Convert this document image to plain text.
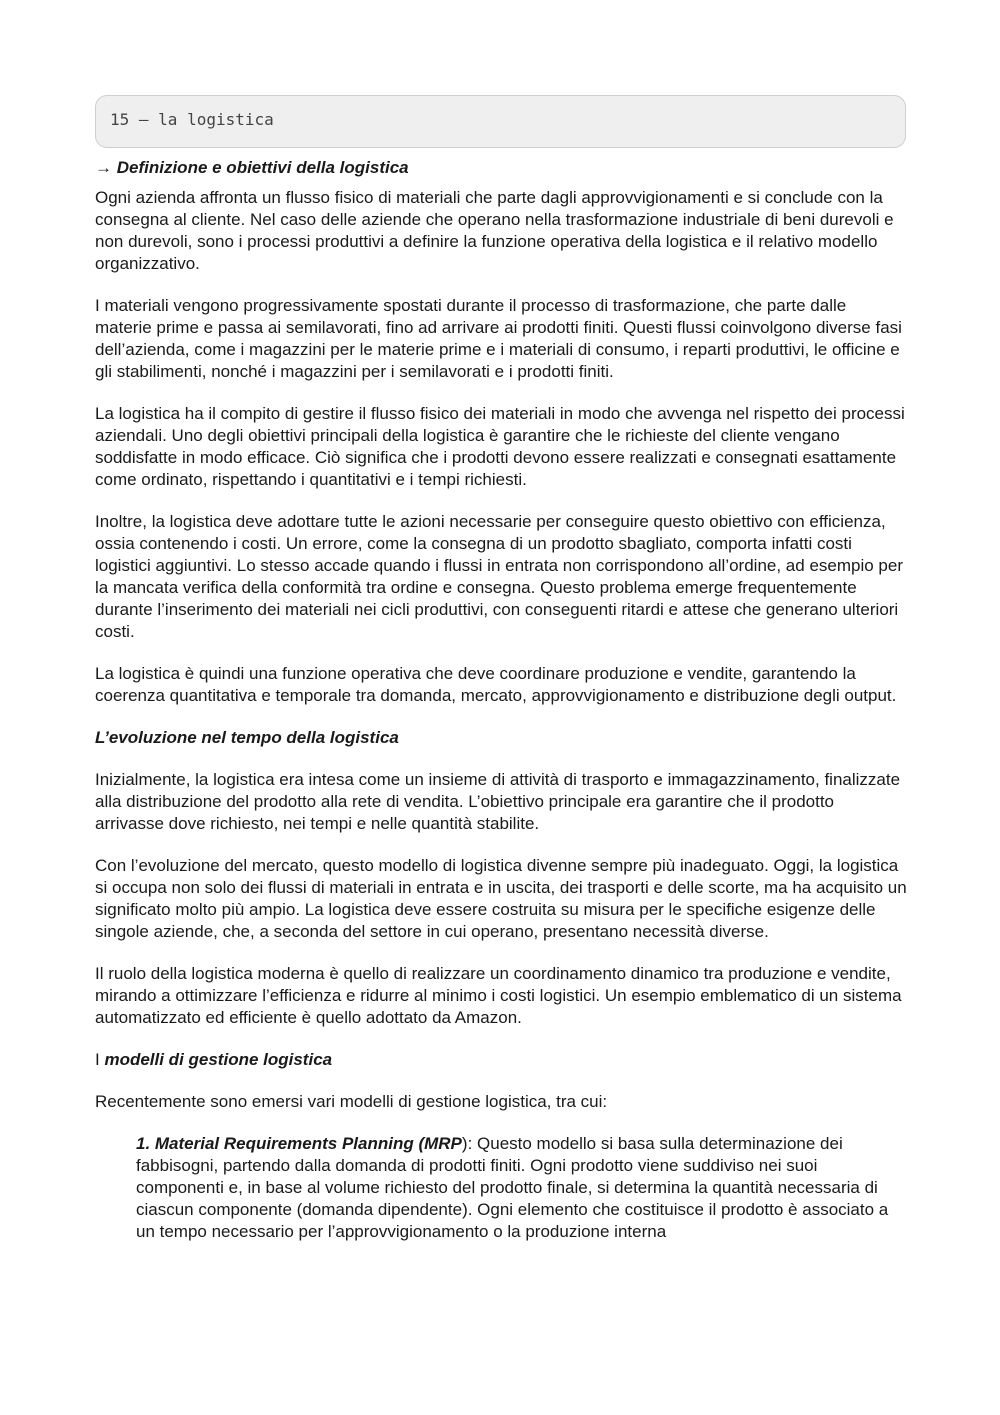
15 – la logistica
→ Definizione e obiettivi della logistica

Ogni azienda affronta un flusso fisico di materiali che parte dagli approvvigionamenti e si conclude con la consegna al cliente. Nel caso delle aziende che operano nella trasformazione industriale di beni durevoli e non durevoli, sono i processi produttivi a definire la funzione operativa della logistica e il relativo modello organizzativo.

I materiali vengono progressivamente spostati durante il processo di trasformazione, che parte dalle materie prime e passa ai semilavorati, fino ad arrivare ai prodotti finiti. Questi flussi coinvolgono diverse fasi dell’azienda, come i magazzini per le materie prime e i materiali di consumo, i reparti produttivi, le officine e gli stabilimenti, nonché i magazzini per i semilavorati e i prodotti finiti.

La logistica ha il compito di gestire il flusso fisico dei materiali in modo che avvenga nel rispetto dei processi aziendali. Uno degli obiettivi principali della logistica è garantire che le richieste del cliente vengano soddisfatte in modo efficace. Ciò significa che i prodotti devono essere realizzati e consegnati esattamente come ordinato, rispettando i quantitativi e i tempi richiesti.

Inoltre, la logistica deve adottare tutte le azioni necessarie per conseguire questo obiettivo con efficienza, ossia contenendo i costi. Un errore, come la consegna di un prodotto sbagliato, comporta infatti costi logistici aggiuntivi. Lo stesso accade quando i flussi in entrata non corrispondono all’ordine, ad esempio per la mancata verifica della conformità tra ordine e consegna. Questo problema emerge frequentemente durante l’inserimento dei materiali nei cicli produttivi, con conseguenti ritardi e attese che generano ulteriori costi.

La logistica è quindi una funzione operativa che deve coordinare produzione e vendite, garantendo la coerenza quantitativa e temporale tra domanda, mercato, approvvigionamento e distribuzione degli output.

L’evoluzione nel tempo della logistica

Inizialmente, la logistica era intesa come un insieme di attività di trasporto e immagazzinamento, finalizzate alla distribuzione del prodotto alla rete di vendita. L’obiettivo principale era garantire che il prodotto arrivasse dove richiesto, nei tempi e nelle quantità stabilite.

Con l’evoluzione del mercato, questo modello di logistica divenne sempre più inadeguato. Oggi, la logistica si occupa non solo dei flussi di materiali in entrata e in uscita, dei trasporti e delle scorte, ma ha acquisito un significato molto più ampio. La logistica deve essere costruita su misura per le specifiche esigenze delle singole aziende, che, a seconda del settore in cui operano, presentano necessità diverse.

Il ruolo della logistica moderna è quello di realizzare un coordinamento dinamico tra produzione e vendite, mirando a ottimizzare l’efficienza e ridurre al minimo i costi logistici. Un esempio emblematico di un sistema automatizzato ed efficiente è quello adottato da Amazon.

I modelli di gestione logistica

Recentemente sono emersi vari modelli di gestione logistica, tra cui:

1. Material Requirements Planning (MRP): Questo modello si basa sulla determinazione dei fabbisogni, partendo dalla domanda di prodotti finiti. Ogni prodotto viene suddiviso nei suoi componenti e, in base al volume richiesto del prodotto finale, si determina la quantità necessaria di ciascun componente (domanda dipendente). Ogni elemento che costituisce il prodotto è associato a un tempo necessario per l’approvvigionamento o la produzione interna
